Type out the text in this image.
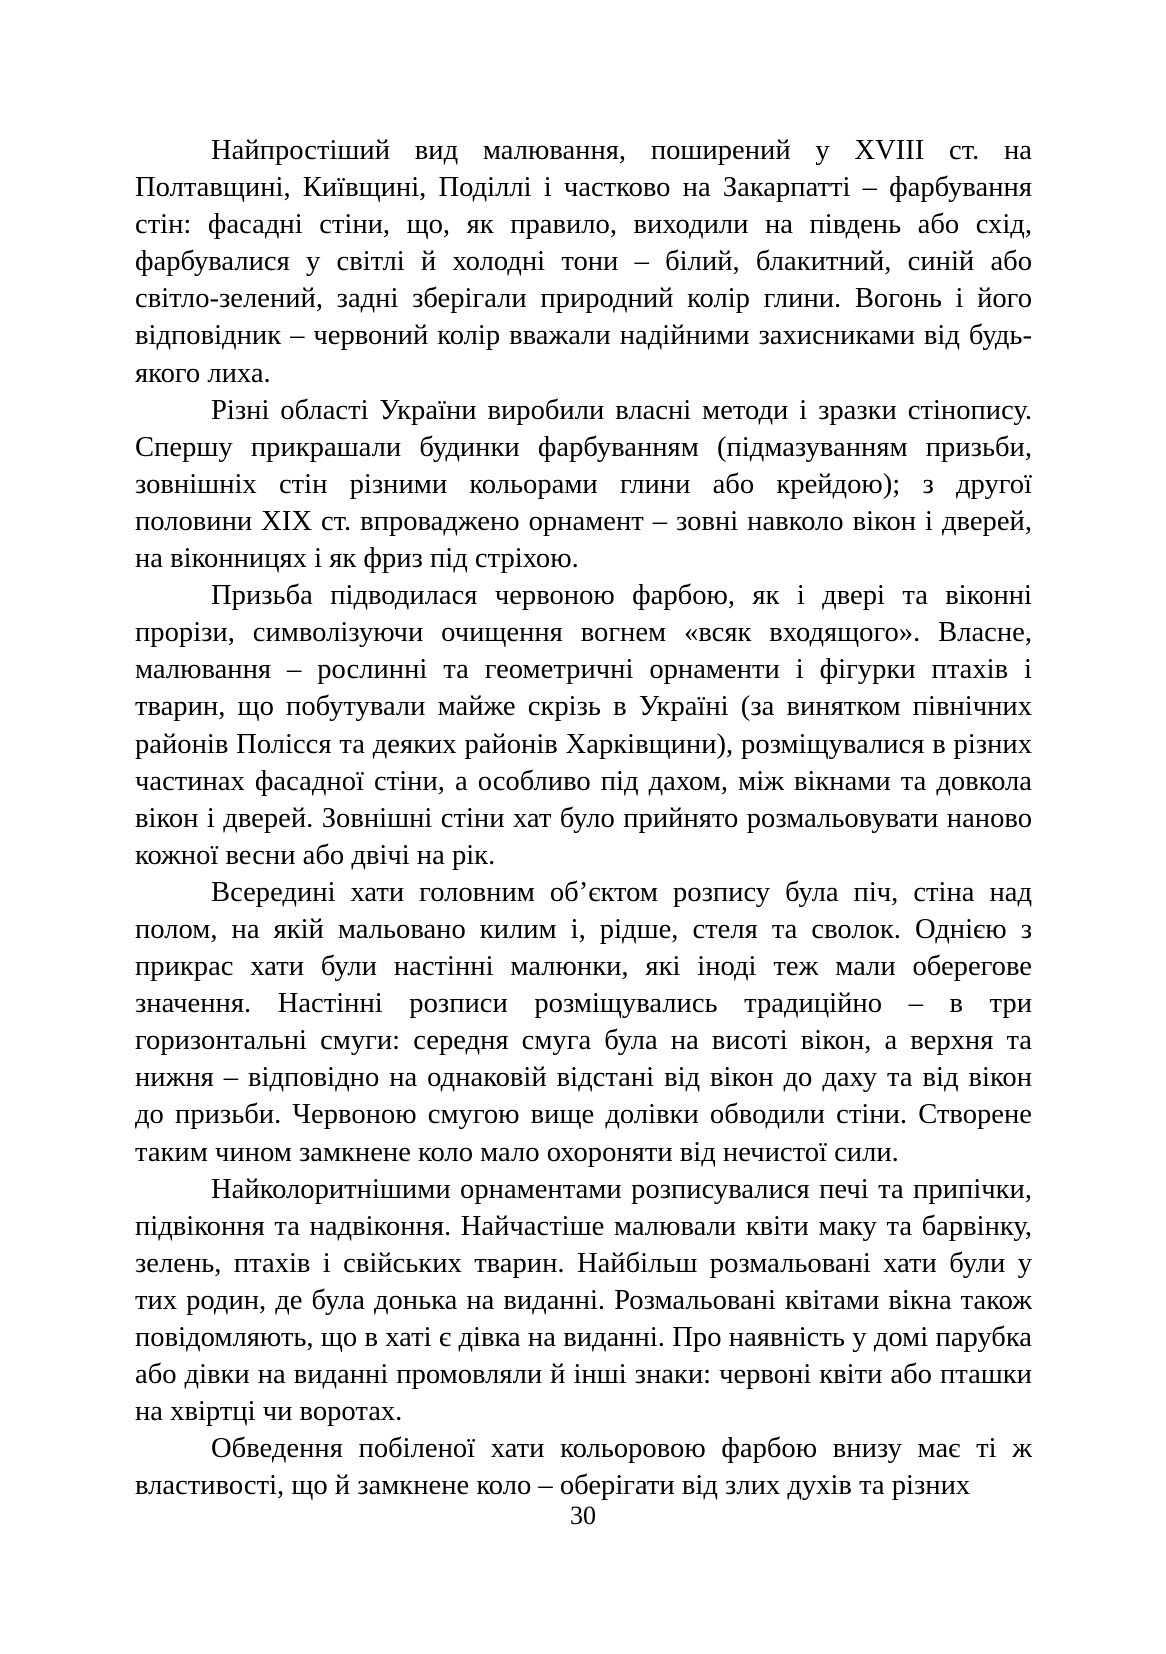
Найпростіший вид малювання, поширений у XVIII ст. на Полтавщині, Київщині, Поділлі і частково на Закарпатті – фарбування стін: фасадні стіни, що, як правило, виходили на південь або схід, фарбувалися у світлі й холодні тони – білий, блакитний, синій або світло-зелений, задні зберігали природний колір глини. Вогонь і його відповідник – червоний колір вважали надійними захисниками від будь-якого лиха.

Різні області України виробили власні методи і зразки стінопису. Спершу прикрашали будинки фарбуванням (підмазуванням призьби, зовнішніх стін різними кольорами глини або крейдою); з другої половини XIX ст. впроваджено орнамент – зовні навколо вікон і дверей, на віконницях і як фриз під стріхою.

Призьба підводилася червоною фарбою, як і двері та віконні прорізи, символізуючи очищення вогнем «всяк входящого». Власне, малювання – рослинні та геометричні орнаменти і фігурки птахів і тварин, що побутували майже скрізь в Україні (за винятком північних районів Полісся та деяких районів Харківщини), розміщувалися в різних частинах фасадної стіни, а особливо під дахом, між вікнами та довкола вікон і дверей. Зовнішні стіни хат було прийнято розмальовувати наново кожної весни або двічі на рік.

Всередині хати головним об’єктом розпису була піч, стіна над полом, на якій мальовано килим і, рідше, стеля та сволок. Однією з прикрас хати були настінні малюнки, які іноді теж мали оберегове значення. Настінні розписи розміщувались традиційно – в три горизонтальні смуги: середня смуга була на висоті вікон, а верхня та нижня – відповідно на однаковій відстані від вікон до даху та від вікон до призьби. Червоною смугою вище долівки обводили стіни. Створене таким чином замкнене коло мало охороняти від нечистої сили.

Найколоритнішими орнаментами розписувалися печі та припічки, підвіконня та надвіконня. Найчастіше малювали квіти маку та барвінку, зелень, птахів і свійських тварин. Найбільш розмальовані хати були у тих родин, де була донька на виданні. Розмальовані квітами вікна також повідомляють, що в хаті є дівка на виданні. Про наявність у домі парубка або дівки на виданні промовляли й інші знаки: червоні квіти або пташки на хвіртці чи воротах.

Обведення побіленої хати кольоровою фарбою внизу має ті ж властивості, що й замкнене коло – оберігати від злих духів та різних

30
